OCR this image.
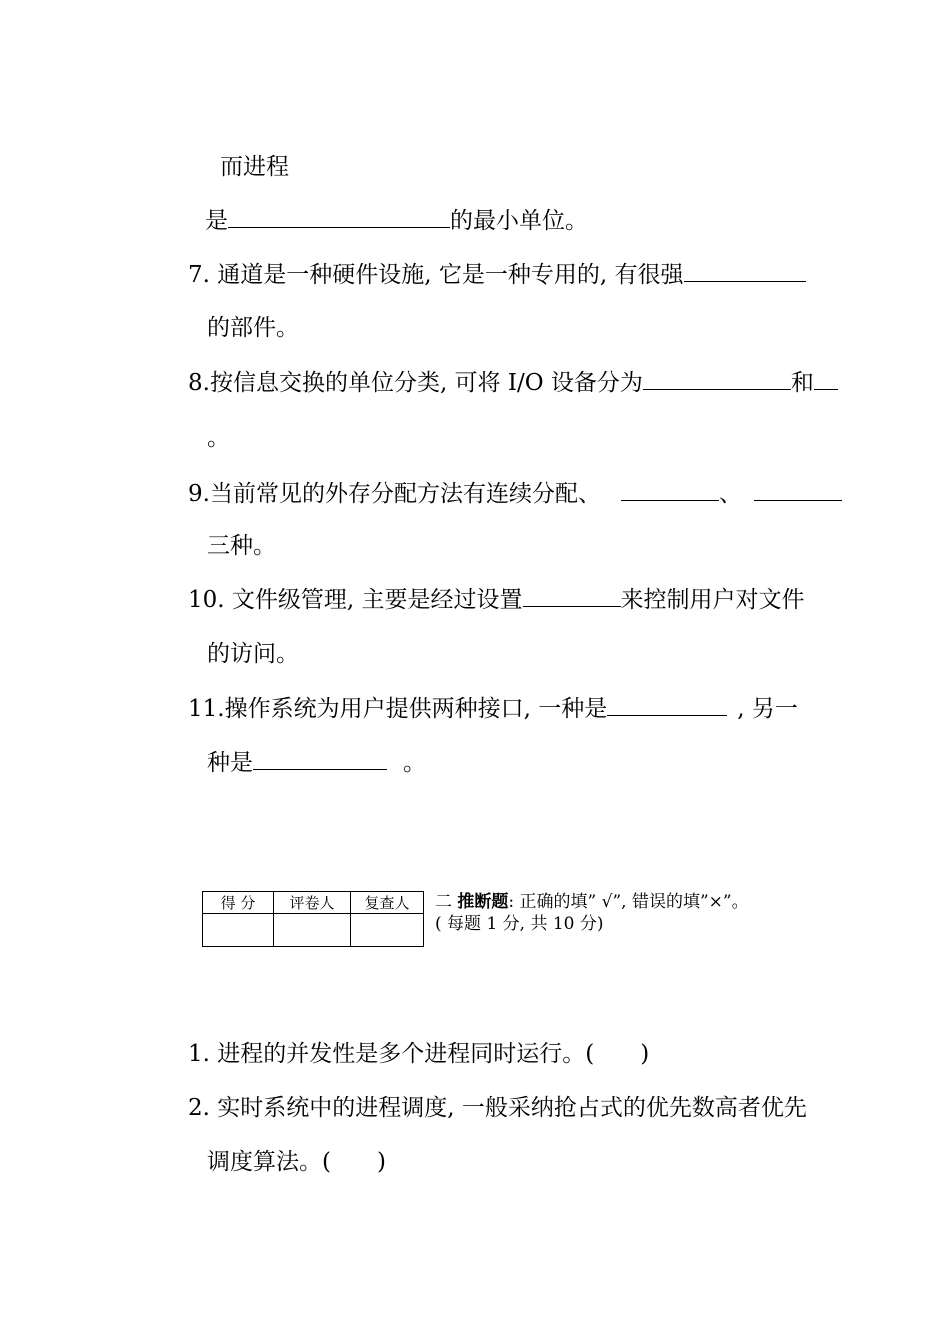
而进程
是	的最小单位。
7. 通道是一种硬件设施, 它是一种专用的, 有很强
的部件。
8.按信息交换的单位分类, 可将 I/O 设备分为	和
。
9.当前常见的外存分配方法有连续分配、	、
三种。
10. 文件级管理, 主要是经过设置	来控制用户对文件
的访问。
11.操作系统为用户提供两种接口, 一种是	, 另一
种是	。
得 分	评卷人	复查人
		二 推断题: 正确的填” √”, 错误的填”×”。
( 每题 1 分, 共 10 分)
1. 进程的并发性是多个进程同时运行。(  )
2. 实时系统中的进程调度, 一般采纳抢占式的优先数高者优先
调度算法。(  )
